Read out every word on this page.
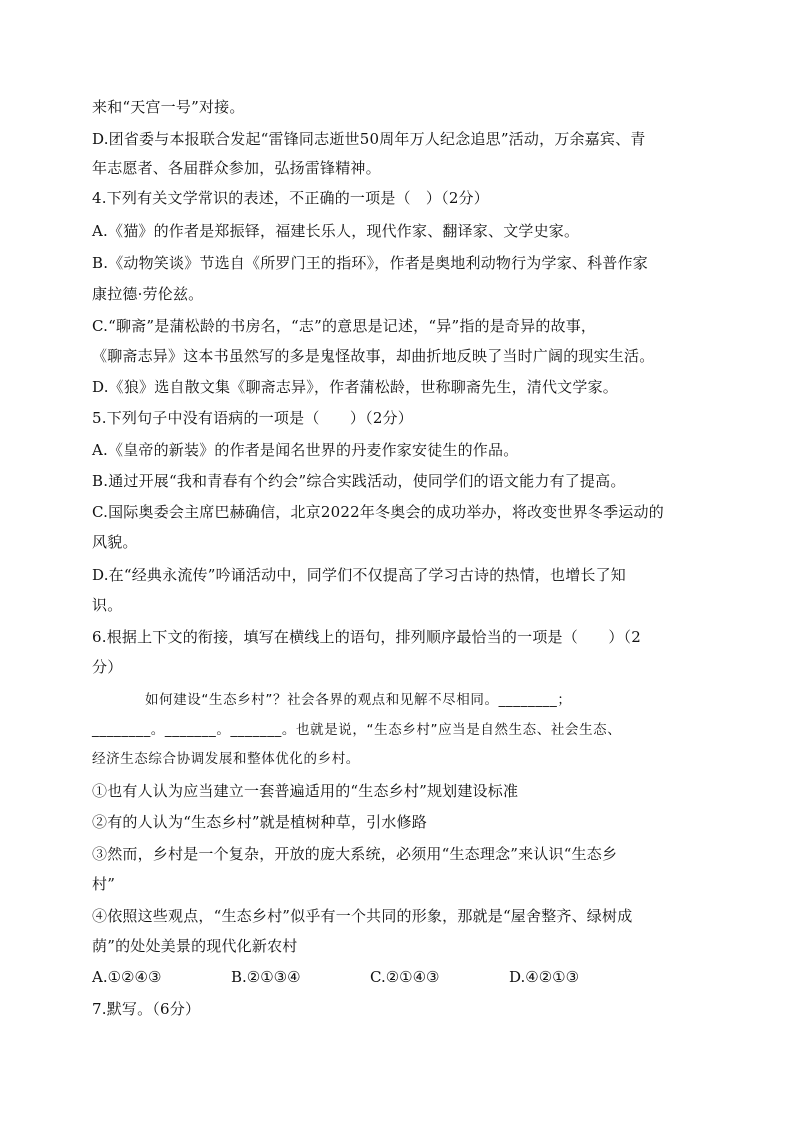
来和“天宫一号”对接。
D.团省委与本报联合发起“雷锋同志逝世50周年万人纪念追思”活动，万余嘉宾、青
年志愿者、各届群众参加，弘扬雷锋精神。
4.下列有关文学常识的表述，不正确的一项是（　）（2分）
A.《猫》的作者是郑振铎，福建长乐人，现代作家、翻译家、文学史家。
B.《动物笑谈》节选自《所罗门王的指环》，作者是奥地利动物行为学家、科普作家
康拉德·劳伦兹。
C.“聊斋”是蒲松龄的书房名，“志”的意思是记述，“异”指的是奇异的故事，
《聊斋志异》这本书虽然写的多是鬼怪故事，却曲折地反映了当时广阔的现实生活。
D.《狼》选自散文集《聊斋志异》，作者蒲松龄，世称聊斋先生，清代文学家。
5.下列句子中没有语病的一项是（　　）（2分）
A.《皇帝的新装》的作者是闻名世界的丹麦作家安徒生的作品。
B.通过开展“我和青春有个约会”综合实践活动，使同学们的语文能力有了提高。
C.国际奥委会主席巴赫确信，北京2022年冬奥会的成功举办，将改变世界冬季运动的
风貌。
D.在“经典永流传”吟诵活动中，同学们不仅提高了学习古诗的热情，也增长了知
识。
6.根据上下文的衔接，填写在横线上的语句，排列顺序最恰当的一项是（　　）（2
分）
如何建设“生态乡村”？社会各界的观点和见解不尽相同。________；
________。_______。_______。也就是说，“生态乡村”应当是自然生态、社会生态、
经济生态综合协调发展和整体优化的乡村。
①也有人认为应当建立一套普遍适用的“生态乡村”规划建设标准
②有的人认为“生态乡村”就是植树种草，引水修路
③然而，乡村是一个复杂，开放的庞大系统，必须用“生态理念”来认识“生态乡
村”
④依照这些观点，“生态乡村”似乎有一个共同的形象，那就是“屋舍整齐、绿树成
荫”的处处美景的现代化新农村
A.①②④③	B.②①③④	C.②①④③	D.④②①③
7.默写。（6分）
